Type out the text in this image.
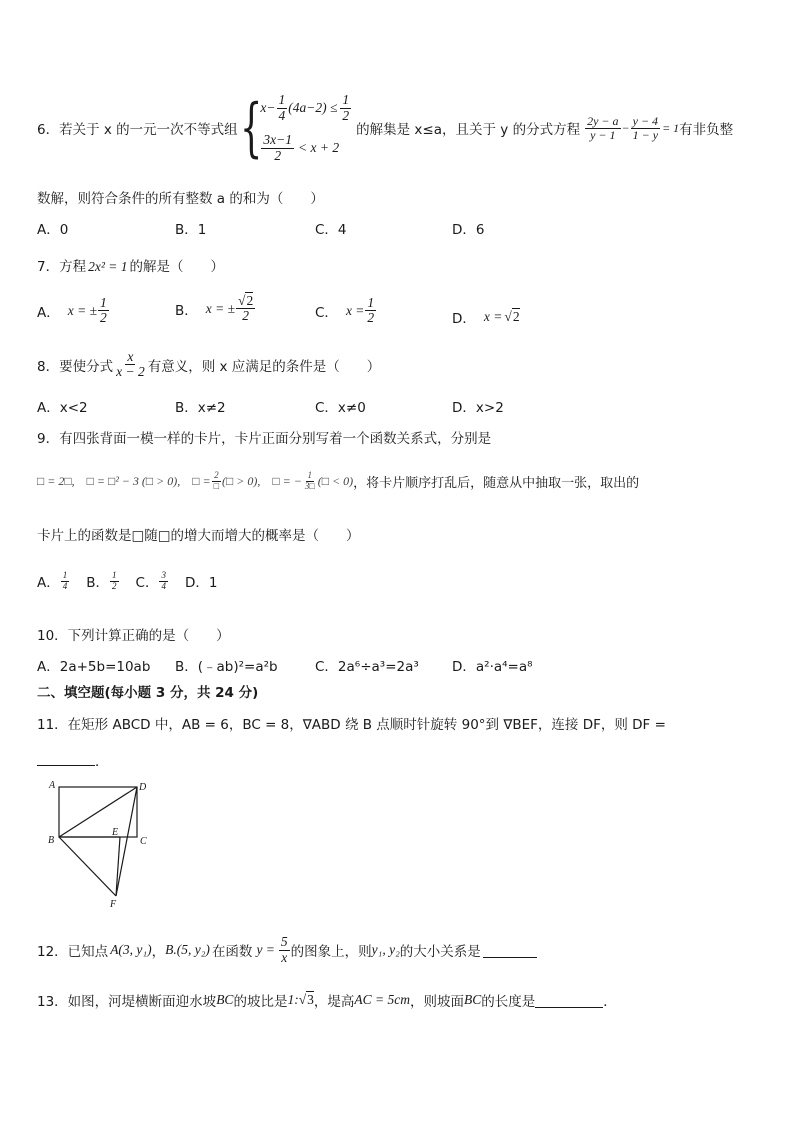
6．若关于 x 的一元一次不等式组 {
$x- \frac{1}{4} (4a-2) \le \frac{1}{2}$
$\frac{3x-1}{2} < x + 2$
的解集是 x≤a，且关于 y 的分式方程 $\frac{2y - a}{y - 1} - \frac{y - 4}{1 - y} = 1$ 有非负整
数解，则符合条件的所有整数 a 的和为（　　）
A．0	B．1	C．4	D．6
7．方程 2x² = 1 的解是（　　）
A． x = ± $\frac{1}{2}$	B． x = ± $\frac{√2}{2}$	C． $x = \frac{1}{2}$	D． x = √2
8．要使分式 $\frac{x}{x - 2}$ 有意义，则 x 应满足的条件是（　　）
A．x<2	B．x≠2	C．x≠0	D．x>2
9．有四张背面一模一样的卡片，卡片正面分别写着一个函数关系式，分别是
□ = 2□, □ = □² − 3 (□ > 0), □ = $\frac{2}{□}$ (□ > 0), □ = − $\frac{1}{3□}$ (□ < 0) ，将卡片顺序打乱后，随意从中抽取一张，取出的
卡片上的函数是□随□的增大而增大的概率是（　　）
A． $\frac{1}{4}$ B． $\frac{1}{2}$ C． $\frac{3}{4}$ D．1
10．下列计算正确的是（　　）
A．2a+5b=10ab B．(﹣ab)²=a²b	C．2a⁶÷a³=2a³ D．a²·a⁴=a⁸
二、填空题(每小题 3 分，共 24 分)
11．在矩形 ABCD 中，AB = 6，BC = 8，∇ABD 绕 B 点顺时针旋转 90°到 ∇BEF，连接 DF，则 DF =
．
A	D
B
E
C
F
12．已知点 A(3, y₁) ， B.(5, y₂) 在函数 $y = \frac{5}{x}$ 的图象上，则 y₁, y₂ 的大小关系是
13．如图，河堤横断面迎水坡 BC 的坡比是 1: √3 ，堤高 AC = 5cm ，则坡面 BC 的长度是	．
